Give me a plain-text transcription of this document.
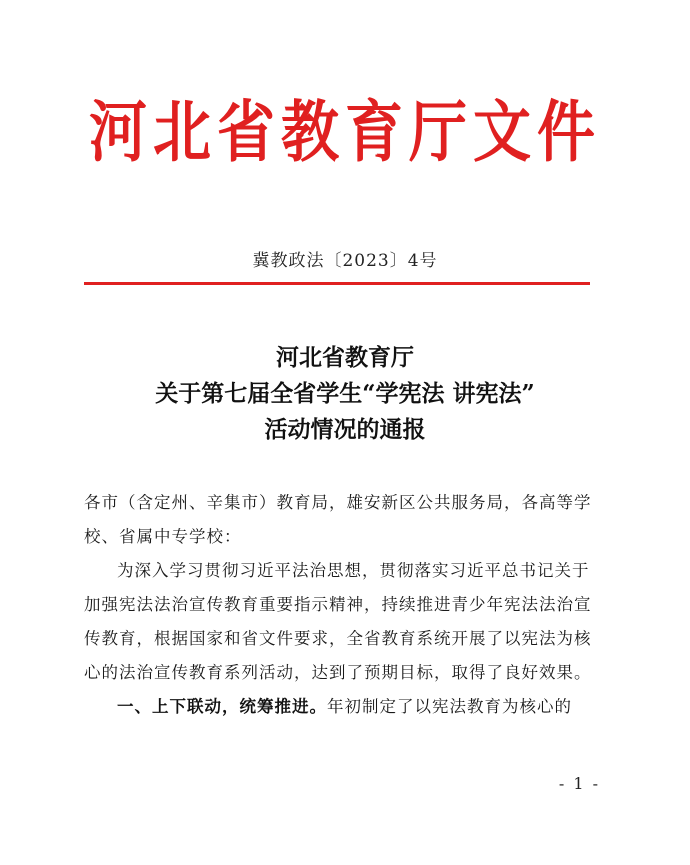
河北省教育厅文件
冀教政法〔2023〕4号
河北省教育厅
关于第七届全省学生“学宪法 讲宪法”
活动情况的通报

各市（含定州、辛集市）教育局，雄安新区公共服务局，各高等学校、省属中专学校：

为深入学习贯彻习近平法治思想，贯彻落实习近平总书记关于加强宪法法治宣传教育重要指示精神，持续推进青少年宪法法治宣传教育，根据国家和省文件要求，全省教育系统开展了以宪法为核心的法治宣传教育系列活动，达到了预期目标，取得了良好效果。

一、上下联动，统筹推进。年初制定了以宪法教育为核心的

- 1 -
